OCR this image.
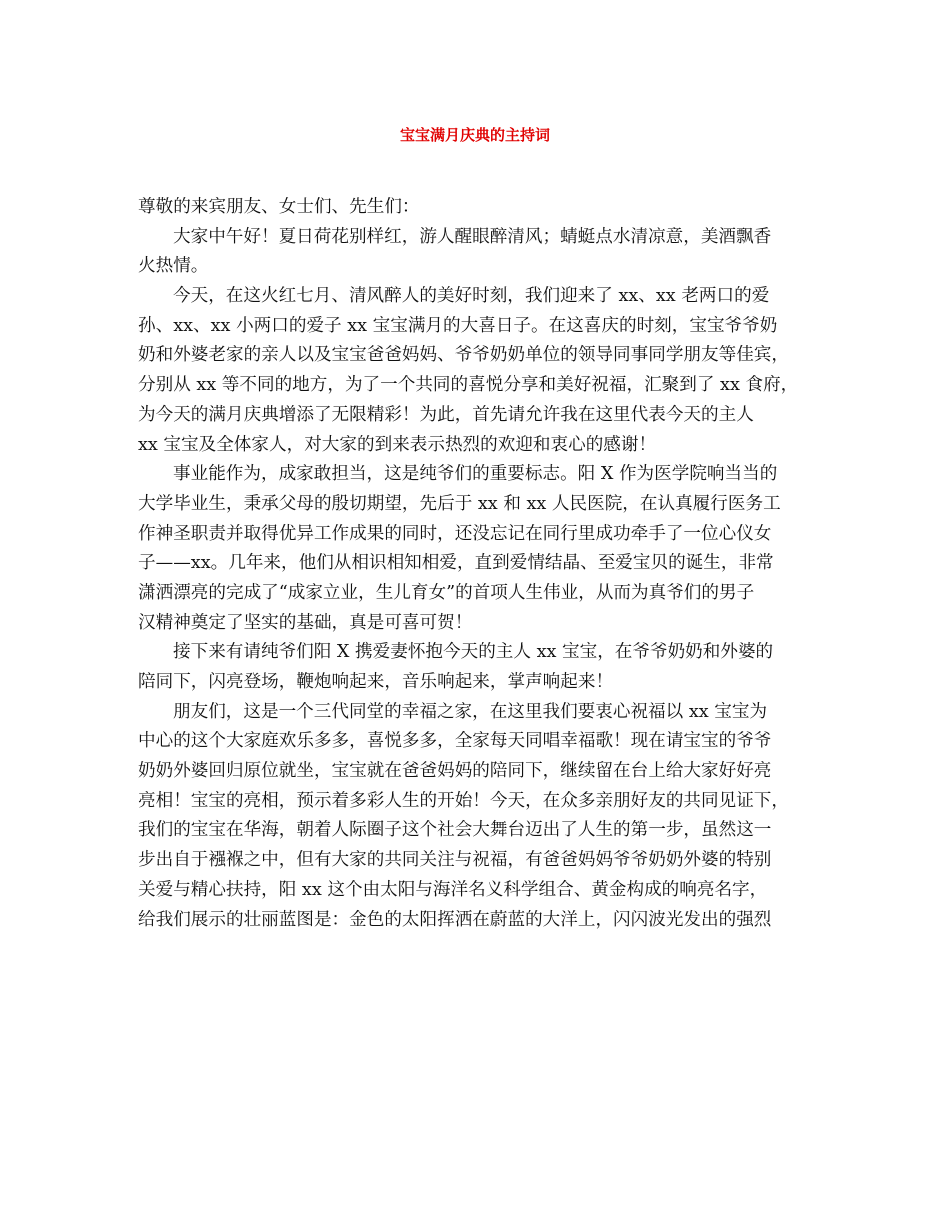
宝宝满月庆典的主持词
尊敬的来宾朋友、女士们、先生们：
大家中午好！夏日荷花别样红，游人醒眼醉清风；蜻蜓点水清凉意，美酒飘香
火热情。
今天，在这火红七月、清风醉人的美好时刻，我们迎来了 xx、xx 老两口的爱
孙、xx、xx 小两口的爱子 xx 宝宝满月的大喜日子。在这喜庆的时刻，宝宝爷爷奶
奶和外婆老家的亲人以及宝宝爸爸妈妈、爷爷奶奶单位的领导同事同学朋友等佳宾，
分别从 xx 等不同的地方，为了一个共同的喜悦分享和美好祝福，汇聚到了 xx 食府，
为今天的满月庆典增添了无限精彩！为此，首先请允许我在这里代表今天的主人
xx 宝宝及全体家人，对大家的到来表示热烈的欢迎和衷心的感谢！
事业能作为，成家敢担当，这是纯爷们的重要标志。阳 X 作为医学院响当当的
大学毕业生，秉承父母的殷切期望，先后于 xx 和 xx 人民医院，在认真履行医务工
作神圣职责并取得优异工作成果的同时，还没忘记在同行里成功牵手了一位心仪女
子——xx。几年来，他们从相识相知相爱，直到爱情结晶、至爱宝贝的诞生，非常
潇洒漂亮的完成了“成家立业，生儿育女”的首项人生伟业，从而为真爷们的男子
汉精神奠定了坚实的基础，真是可喜可贺！
接下来有请纯爷们阳 X 携爱妻怀抱今天的主人 xx 宝宝，在爷爷奶奶和外婆的
陪同下，闪亮登场，鞭炮响起来，音乐响起来，掌声响起来！
朋友们，这是一个三代同堂的幸福之家，在这里我们要衷心祝福以 xx 宝宝为
中心的这个大家庭欢乐多多，喜悦多多，全家每天同唱幸福歌！现在请宝宝的爷爷
奶奶外婆回归原位就坐，宝宝就在爸爸妈妈的陪同下，继续留在台上给大家好好亮
亮相！宝宝的亮相，预示着多彩人生的开始！今天，在众多亲朋好友的共同见证下，
我们的宝宝在华海，朝着人际圈子这个社会大舞台迈出了人生的第一步，虽然这一
步出自于襁褓之中，但有大家的共同关注与祝福，有爸爸妈妈爷爷奶奶外婆的特别
关爱与精心扶持，阳 xx 这个由太阳与海洋名义科学组合、黄金构成的响亮名字，
给我们展示的壮丽蓝图是：金色的太阳挥洒在蔚蓝的大洋上，闪闪波光发出的强烈
